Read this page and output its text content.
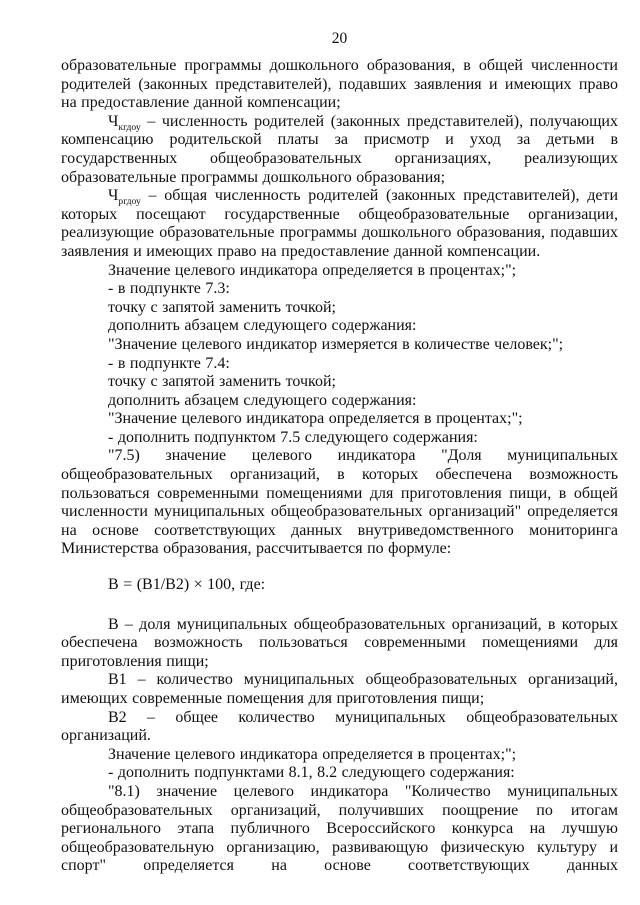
20

образовательные программы дошкольного образования, в общей численности родителей (законных представителей), подавших заявления и имеющих право на предоставление данной компенсации;

$Ч_{кгдоу}$ – численность родителей (законных представителей), получающих компенсацию родительской платы за присмотр и уход за детьми в государственных общеобразовательных организациях, реализующих образовательные программы дошкольного образования;

$Ч_{ргдоу}$ – общая численность родителей (законных представителей), дети которых посещают государственные общеобразовательные организации, реализующие образовательные программы дошкольного образования, подавших заявления и имеющих право на предоставление данной компенсации.

Значение целевого индикатора определяется в процентах;";

- в подпункте 7.3:

точку с запятой заменить точкой;

дополнить абзацем следующего содержания:

"Значение целевого индикатор измеряется в количестве человек;";

- в подпункте 7.4:

точку с запятой заменить точкой;

дополнить абзацем следующего содержания:

"Значение целевого индикатора определяется в процентах;";

- дополнить подпунктом 7.5 следующего содержания:

"7.5) значение целевого индикатора "Доля муниципальных общеобразовательных организаций, в которых обеспечена возможность пользоваться современными помещениями для приготовления пищи, в общей численности муниципальных общеобразовательных организаций" определяется на основе соответствующих данных внутриведомственного мониторинга Министерства образования, рассчитывается по формуле:

В = (В1/В2) × 100, где:

В – доля муниципальных общеобразовательных организаций, в которых обеспечена возможность пользоваться современными помещениями для приготовления пищи;

В1 – количество муниципальных общеобразовательных организаций, имеющих современные помещения для приготовления пищи;

В2 – общее количество муниципальных общеобразовательных организаций.

Значение целевого индикатора определяется в процентах;";

- дополнить подпунктами 8.1, 8.2 следующего содержания:

"8.1) значение целевого индикатора "Количество муниципальных общеобразовательных организаций, получивших поощрение по итогам регионального этапа публичного Всероссийского конкурса на лучшую общеобразовательную организацию, развивающую физическую культуру и спорт" определяется на основе соответствующих данных
